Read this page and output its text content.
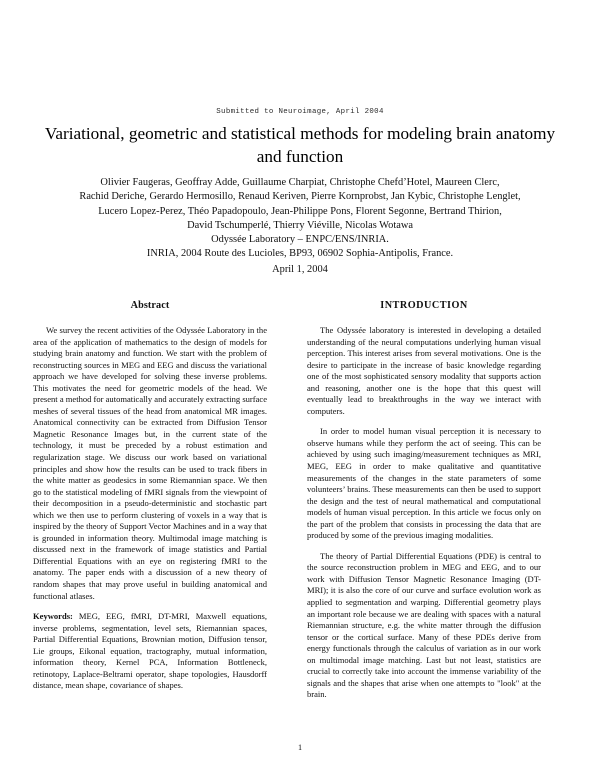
Submitted to Neuroimage, April 2004
Variational, geometric and statistical methods for modeling brain anatomy and function
Olivier Faugeras, Geoffray Adde, Guillaume Charpiat, Christophe Chefd’Hotel, Maureen Clerc,
Rachid Deriche, Gerardo Hermosillo, Renaud Keriven, Pierre Kornprobst, Jan Kybic, Christophe Lenglet,
Lucero Lopez-Perez, Théo Papadopoulo, Jean-Philippe Pons, Florent Segonne, Bertrand Thirion,
David Tschumperlé, Thierry Viéville, Nicolas Wotawa
Odyssée Laboratory – ENPC/ENS/INRIA.
INRIA, 2004 Route des Lucioles, BP93, 06902 Sophia-Antipolis, France.
April 1, 2004
Abstract

We survey the recent activities of the Odyssée Laboratory in the area of the application of mathematics to the design of models for studying brain anatomy and function. We start with the problem of reconstructing sources in MEG and EEG and discuss the variational approach we have developed for solving these inverse problems. This motivates the need for geometric models of the head. We present a method for automatically and accurately extracting surface meshes of several tissues of the head from anatomical MR images. Anatomical connectivity can be extracted from Diffusion Tensor Magnetic Resonance Images but, in the current state of the technology, it must be preceded by a robust estimation and regularization stage. We discuss our work based on variational principles and show how the results can be used to track fibers in the white matter as geodesics in some Riemannian space. We then go to the statistical modeling of fMRI signals from the viewpoint of their decomposition in a pseudo-deterministic and stochastic part which we then use to perform clustering of voxels in a way that is inspired by the theory of Support Vector Machines and in a way that is grounded in information theory. Multimodal image matching is discussed next in the framework of image statistics and Partial Differential Equations with an eye on registering fMRI to the anatomy. The paper ends with a discussion of a new theory of random shapes that may prove useful in building anatomical and functional atlases.

Keywords: MEG, EEG, fMRI, DT-MRI, Maxwell equations, inverse problems, segmentation, level sets, Riemannian spaces, Partial Differential Equations, Brownian motion, Diffusion tensor, Lie groups, Eikonal equation, tractography, mutual information, information theory, Kernel PCA, Information Bottleneck, retinotopy, Laplace-Beltrami operator, shape topologies, Hausdorff distance, mean shape, covariance of shapes.

INTRODUCTION

The Odyssée laboratory is interested in developing a detailed understanding of the neural computations underlying human visual perception. This interest arises from several motivations. One is the desire to participate in the increase of basic knowledge regarding one of the most sophisticated sensory modality that supports action and reasoning, another one is the hope that this quest will eventually lead to breakthroughs in the way we interact with computers.

In order to model human visual perception it is necessary to observe humans while they perform the act of seeing. This can be achieved by using such imaging/measurement techniques as MRI, MEG, EEG in order to make qualitative and quantitative measurements of the changes in the state parameters of some volunteers’ brains. These measurements can then be used to support the design and the test of neural mathematical and computational models of human visual perception. In this article we focus only on the part of the problem that consists in processing the data that are produced by some of the previous imaging modalities.

The theory of Partial Differential Equations (PDE) is central to the source reconstruction problem in MEG and EEG, and to our work with Diffusion Tensor Magnetic Resonance Imaging (DT-MRI); it is also the core of our curve and surface evolution work as applied to segmentation and warping. Differential geometry plays an important role because we are dealing with spaces with a natural Riemannian structure, e.g. the white matter through the diffusion tensor or the cortical surface. Many of these PDEs derive from energy functionals through the calculus of variation as in our work on multimodal image matching. Last but not least, statistics are crucial to correctly take into account the immense variability of the signals and the shapes that arise when one attempts to "look" at the brain.

1
